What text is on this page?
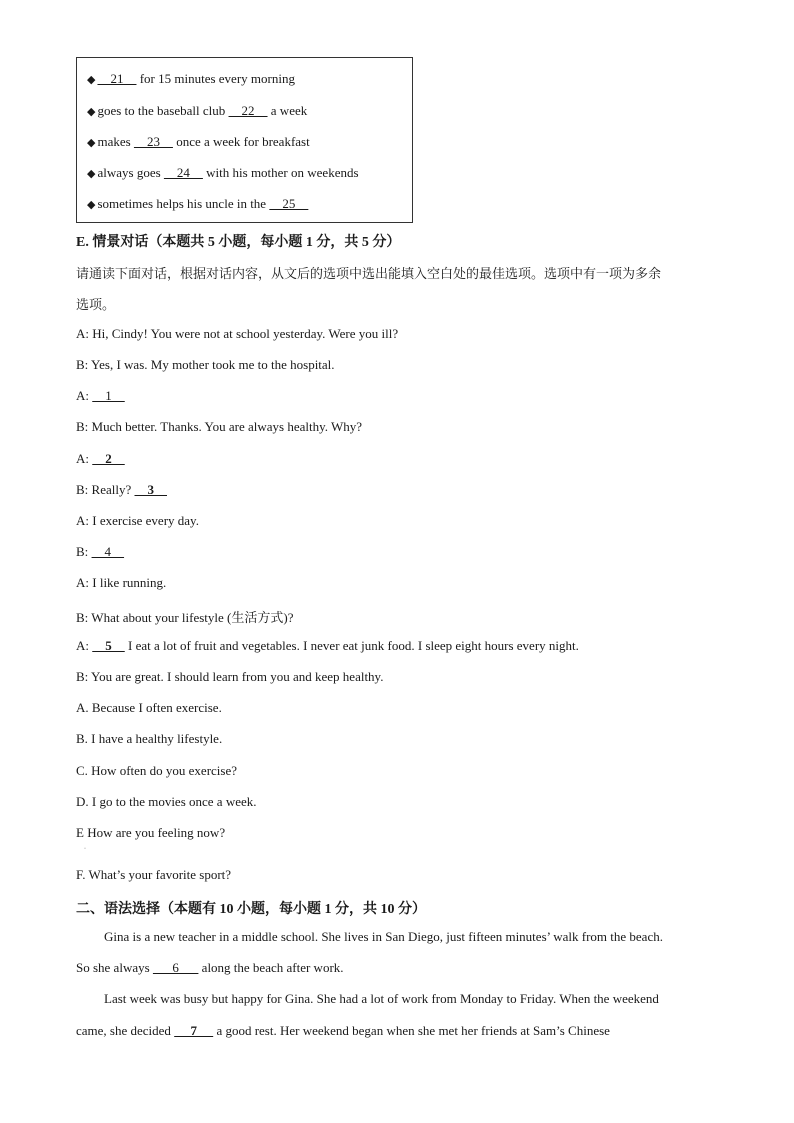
◆    21     for 15 minutes every morning
◆ goes to the baseball club     22     a week
◆ makes     23     once a week for breakfast
◆ always goes     24     with his mother on weekends
◆ sometimes helps his uncle in the     25
E. 情景对话（本题共 5 小题，每小题 1 分，共 5 分）
请通读下面对话，根据对话内容，从文后的选项中选出能填入空白处的最佳选项。选项中有一项为多余
选项。
A: Hi, Cindy! You were not at school yesterday. Were you ill?
B: Yes, I was. My mother took me to the hospital.
A:     1
B: Much better. Thanks. You are always healthy. Why?
A:     2
B: Really?     3
A: I exercise every day.
B:     4
A: I like running.
B: What about your lifestyle (生活方式)?
A:     5     I eat a lot of fruit and vegetables. I never eat junk food. I sleep eight hours every night.
B: You are great. I should learn from you and keep healthy.
A. Because I often exercise.
B. I have a healthy lifestyle.
C. How often do you exercise?
D. I go to the movies once a week.
E How are you feeling now?
·
F. What’s your favorite sport?
二、语法选择（本题有 10 小题，每小题 1 分，共 10 分）
Gina is a new teacher in a middle school. She lives in San Diego, just fifteen minutes’ walk from the beach.
So she always       6       along the beach after work.
Last week was busy but happy for Gina. She had a lot of work from Monday to Friday. When the weekend
came, she decided      7      a good rest. Her weekend began when she met her friends at Sam’s Chinese
